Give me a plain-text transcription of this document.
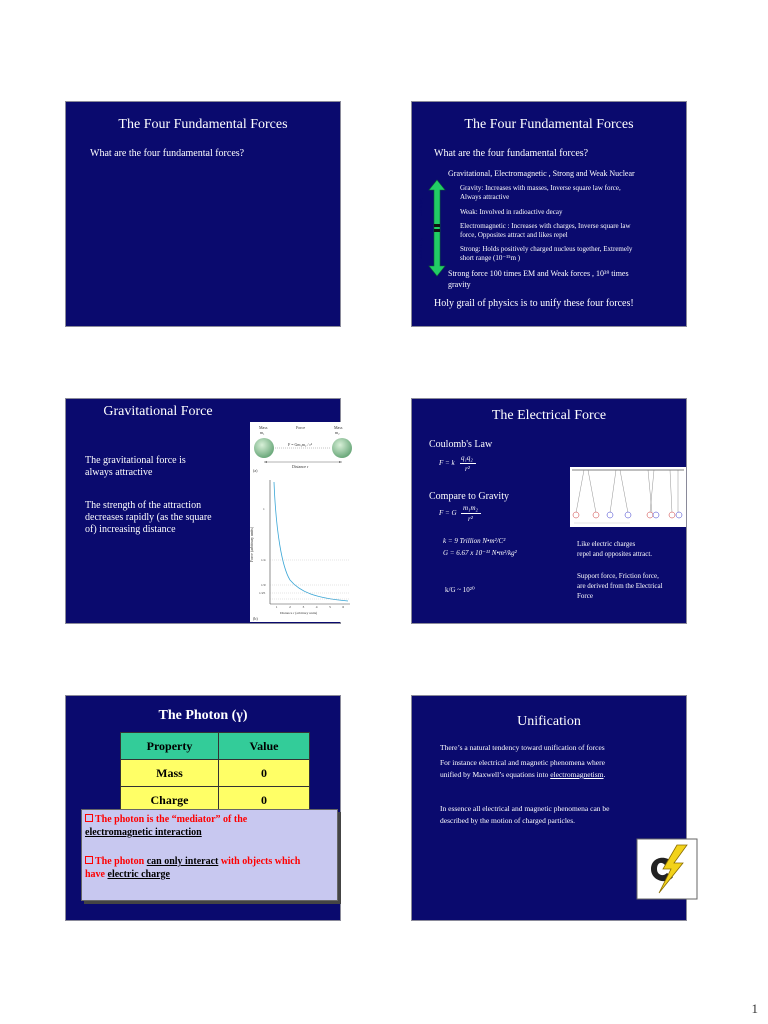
The Four Fundamental Forces
What are the four fundamental forces?
The Four Fundamental Forces
What are the four fundamental forces?
Gravitational, Electromagnetic , Strong and Weak Nuclear
Weaker
Stronger
Gravity: Increases with masses, Inverse square law force,
Always attractive
Weak: Involved in radioactive decay
Electromagnetic : Increases with charges, Inverse square law
force, Opposites attract and likes repel
Strong: Holds positively charged nucleus together, Extremely
short range (10⁻¹⁵m )
Strong force 100 times EM and Weak forces , 10³⁹ times
gravity
Holy grail of physics is to unify these four forces!
Gravitational Force
The gravitational force is
always attractive
The strength of the attraction
decreases rapidly (as the square
of) increasing distance
Mass	Force	Mass
m₁	m₂
F = Gm₁m₂ / r²
Distance r
(a)
Force (arbitrary units)
1
1/4
1/9
1/25
1	2	3	4	5	6
Distance r (arbitrary units)
(b)
The Electrical Force
Coulomb's Law
F = k
q₁q₂
r²
Compare to Gravity
F = G
m₁m₂
r²
k = 9 Trillion N•m²/C²
G = 6.67 x 10⁻¹¹ N•m²/kg²
k/G ~ 10²⁰
Like electric charges
repel and opposites attract.
Support force, Friction force,
are derived from the Electrical
Force
The Photon (γ)
Property	Value
Mass	0
Charge	0
The photon is the “mediator” of the
electromagnetic interaction
The photon can only interact with objects which
have electric charge
Unification
There’s a natural tendency toward unification of forces
For instance electrical and magnetic phenomena where
unified by Maxwell’s equations into electromagnetism.
In essence all electrical and magnetic phenomena can be
described by the motion of charged particles.
1
